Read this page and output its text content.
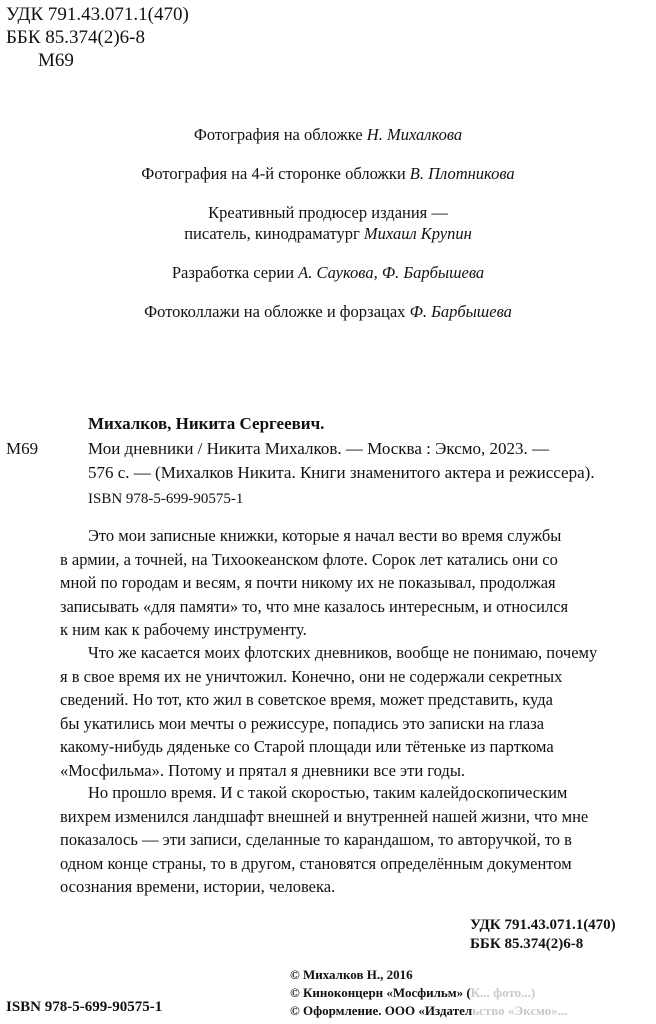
УДК 791.43.071.1(470)
ББК 85.374(2)6-8
М69
Фотография на обложке Н. Михалкова
Фотография на 4-й сторонке обложки В. Плотникова
Креативный продюсер издания —
писатель, кинодраматург Михаил Крупин
Разработка серии А. Саукова, Ф. Барбышева
Фотоколлажи на обложке и форзацах Ф. Барбышева
Михалков, Никита Сергеевич.
М69	Мои дневники / Никита Михалков. — Москва : Эксмо, 2023. —
576 с. — (Михалков Никита. Книги знаменитого актера и режиссера).
ISBN 978-5-699-90575-1
Это мои записные книжки, которые я начал вести во время службы
в армии, а точней, на Тихоокеанском флоте. Сорок лет катались они со
мной по городам и весям, я почти никому их не показывал, продолжая
записывать «для памяти» то, что мне казалось интересным, и относился
к ним как к рабочему инструменту.
Что же касается моих флотских дневников, вообще не понимаю, почему
я в свое время их не уничтожил. Конечно, они не содержали секретных
сведений. Но тот, кто жил в советское время, может представить, куда
бы укатились мои мечты о режиссуре, попадись это записки на глаза
какому-нибудь дяденьке со Старой площади или тётеньке из парткома
«Мосфильма». Потому и прятал я дневники все эти годы.
Но прошло время. И с такой скоростью, таким калейдоскопическим
вихрем изменился ландшафт внешней и внутренней нашей жизни, что мне
показалось — эти записи, сделанные то карандашом, то авторучкой, то в
одном конце страны, то в другом, становятся определённым документом
осознания времени, истории, человека.
УДК 791.43.071.1(470)
ББК 85.374(2)6-8
ISBN 978-5-699-90575-1
© Михалков Н., 2016
© Киноконцерн «Мосфильм» (К... фото...)
© Оформление. ООО «Издательство «Эксмо»...
